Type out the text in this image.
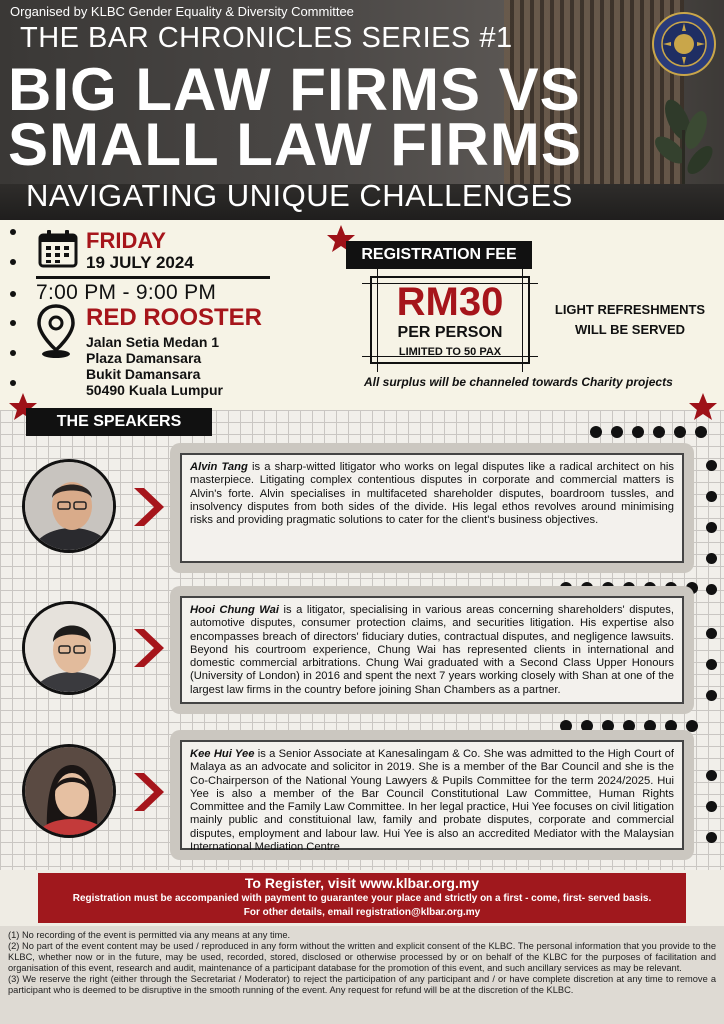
Organised by KLBC Gender Equality & Diversity Committee
THE BAR CHRONICLES SERIES #1
BIG LAW FIRMS VS
SMALL LAW FIRMS
NAVIGATING UNIQUE CHALLENGES
FRIDAY
19 JULY 2024
7:00 PM - 9:00 PM
RED ROOSTER
Jalan Setia Medan 1
Plaza Damansara
Bukit Damansara
50490 Kuala Lumpur
REGISTRATION FEE
RM30
PER PERSON
LIMITED TO 50 PAX
LIGHT REFRESHMENTS WILL BE SERVED
All surplus will be channeled towards Charity projects
THE SPEAKERS
Alvin Tang is a sharp-witted litigator who works on legal disputes like a radical architect on his masterpiece. Litigating complex contentious disputes in corporate and commercial matters is Alvin's forte. Alvin specialises in multifaceted shareholder disputes, boardroom tussles, and insolvency disputes from both sides of the divide. His legal ethos revolves around minimising risks and providing pragmatic solutions to cater for the client's business objectives.
Hooi Chung Wai is a litigator, specialising in various areas concerning shareholders' disputes, automotive disputes, consumer protection claims, and securities litigation. His expertise also encompasses breach of directors' fiduciary duties, contractual disputes, and negligence lawsuits. Beyond his courtroom experience, Chung Wai has represented clients in international and domestic commercial arbitrations. Chung Wai graduated with a Second Class Upper Honours (University of London) in 2016 and spent the next 7 years working closely with Shan at one of the largest law firms in the country before joining Shan Chambers as a partner.
Kee Hui Yee is a Senior Associate at Kanesalingam & Co. She was admitted to the High Court of Malaya as an advocate and solicitor in 2019. She is a member of the Bar Council and she is the Co-Chairperson of the National Young Lawyers & Pupils Committee for the term 2024/2025. Hui Yee is also a member of the Bar Council Constitutional Law Committee, Human Rights Committee and the Family Law Committee. In her legal practice, Hui Yee focuses on civil litigation mainly public and constituional law, family and probate disputes, corporate and commercial disputes, employment and labour law. Hui Yee is also an accredited Mediator with the Malaysian International Mediation Centre
To Register, visit www.klbar.org.my
Registration must be accompanied with payment to guarantee your place and strictly on a first - come, first- served basis.
For other details, email registration@klbar.org.my

(1) No recording of the event is permitted via any means at any time.

(2) No part of the event content may be used / reproduced in any form without the written and explicit consent of the KLBC. The personal information that you provide to the KLBC, whether now or in the future, may be used, recorded, stored, disclosed or otherwise processed by or on behalf of the KLBC for the purposes of facilitation and organisation of this event, research and audit, maintenance of a participant database for the promotion of this event, and such ancillary services as may be relevant.

(3) We reserve the right (either through the Secretariat / Moderator) to reject the participation of any participant and / or have complete discretion at any time to remove a participant who is deemed to be disruptive in the smooth running of the event. Any request for refund will be at the discretion of the KLBC.
